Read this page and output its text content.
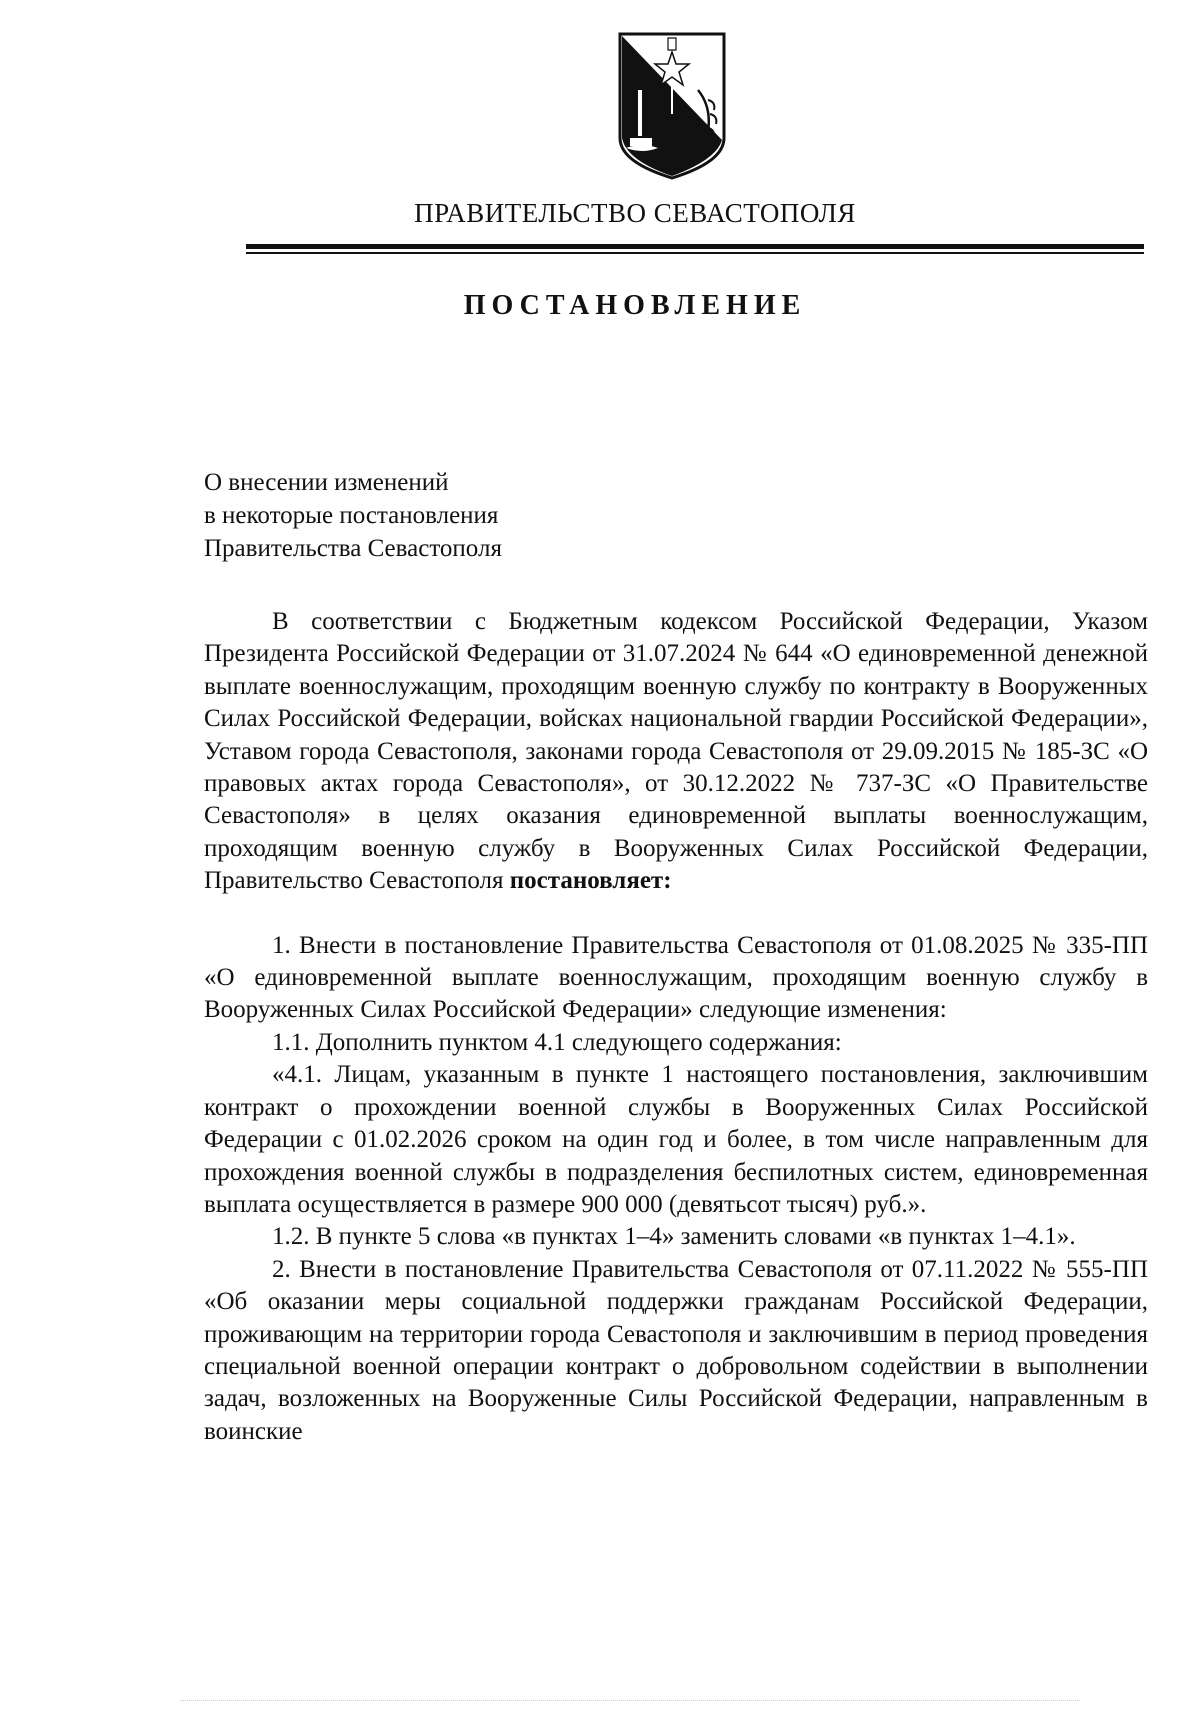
ПРАВИТЕЛЬСТВО СЕВАСТОПОЛЯ
ПОСТАНОВЛЕНИЕ
О внесении изменений
в некоторые постановления
Правительства Севастополя

В соответствии с Бюджетным кодексом Российской Федерации, Указом Президента Российской Федерации от 31.07.2024 № 644 «О единовременной денежной выплате военнослужащим, проходящим военную службу по контракту в Вооруженных Силах Российской Федерации, войсках национальной гвардии Российской Федерации», Уставом города Севастополя, законами города Севастополя от 29.09.2015 № 185-ЗС «О правовых актах города Севастополя», от 30.12.2022 № 737-ЗС «О Правительстве Севастополя» в целях оказания единовременной выплаты военнослужащим, проходящим военную службу в Вооруженных Силах Российской Федерации, Правительство Севастополя постановляет:

1. Внести в постановление Правительства Севастополя от 01.08.2025 № 335-ПП «О единовременной выплате военнослужащим, проходящим военную службу в Вооруженных Силах Российской Федерации» следующие изменения:

1.1. Дополнить пунктом 4.1 следующего содержания:

«4.1. Лицам, указанным в пункте 1 настоящего постановления, заключившим контракт о прохождении военной службы в Вооруженных Силах Российской Федерации с 01.02.2026 сроком на один год и более, в том числе направленным для прохождения военной службы в подразделения беспилотных систем, единовременная выплата осуществляется в размере 900 000 (девятьсот тысяч) руб.».

1.2. В пункте 5 слова «в пунктах 1–4» заменить словами «в пунктах 1–4.1».

2. Внести в постановление Правительства Севастополя от 07.11.2022 № 555-ПП «Об оказании меры социальной поддержки гражданам Российской Федерации, проживающим на территории города Севастополя и заключившим в период проведения специальной военной операции контракт о добровольном содействии в выполнении задач, возложенных на Вооруженные Силы Российской Федерации, направленным в воинские
